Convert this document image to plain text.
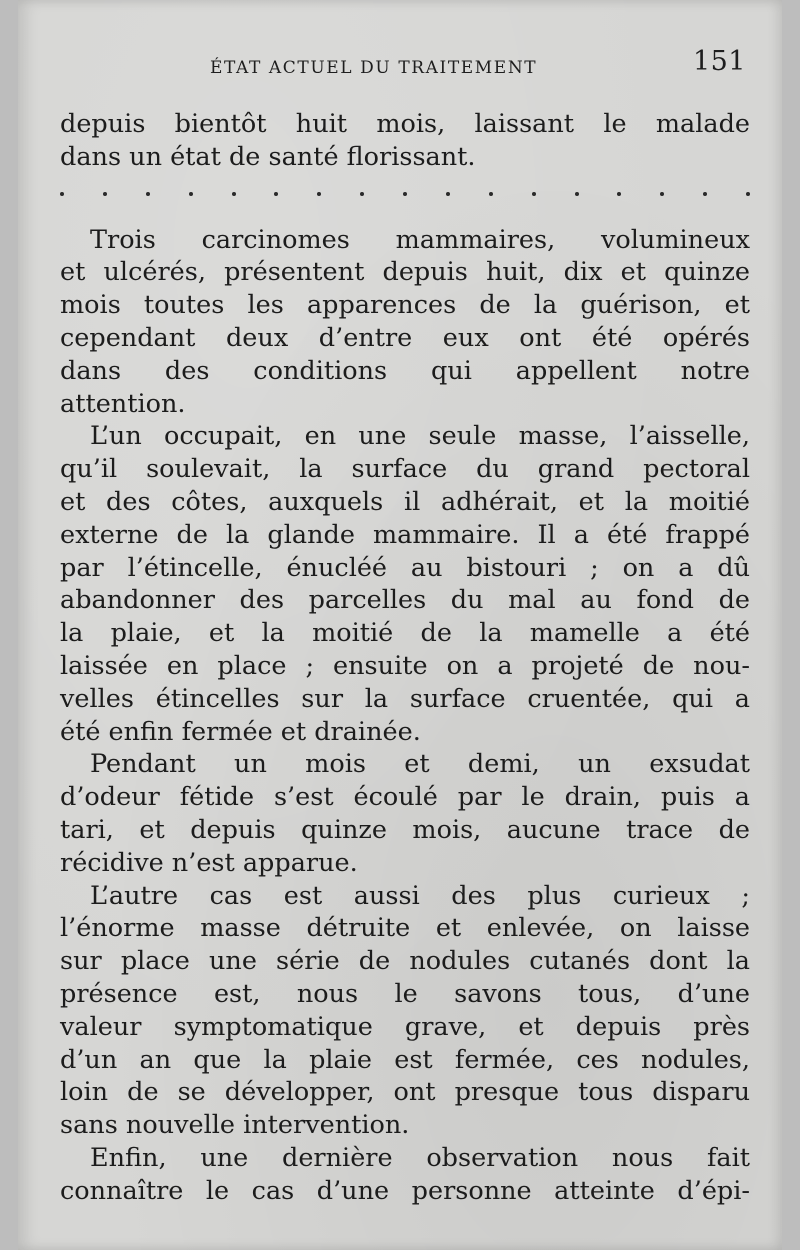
ÉTAT ACTUEL DU TRAITEMENT	151
depuis bientôt huit mois, laissant le malade
dans un état de santé florissant.
Trois carcinomes mammaires, volumineux
et ulcérés, présentent depuis huit, dix et quinze
mois toutes les apparences de la guérison, et
cependant deux d’entre eux ont été opérés
dans des conditions qui appellent notre
attention.
L’un occupait, en une seule masse, l’aisselle,
qu’il soulevait, la surface du grand pectoral
et des côtes, auxquels il adhérait, et la moitié
externe de la glande mammaire. Il a été frappé
par l’étincelle, énucléé au bistouri ; on a dû
abandonner des parcelles du mal au fond de
la plaie, et la moitié de la mamelle a été
laissée en place ; ensuite on a projeté de nou-
velles étincelles sur la surface cruentée, qui a
été enfin fermée et drainée.
Pendant un mois et demi, un exsudat
d’odeur fétide s’est écoulé par le drain, puis a
tari, et depuis quinze mois, aucune trace de
récidive n’est apparue.
L’autre cas est aussi des plus curieux ;
l’énorme masse détruite et enlevée, on laisse
sur place une série de nodules cutanés dont la
présence est, nous le savons tous, d’une
valeur symptomatique grave, et depuis près
d’un an que la plaie est fermée, ces nodules,
loin de se développer, ont presque tous disparu
sans nouvelle intervention.
Enfin, une dernière observation nous fait
connaître le cas d’une personne atteinte d’épi-
